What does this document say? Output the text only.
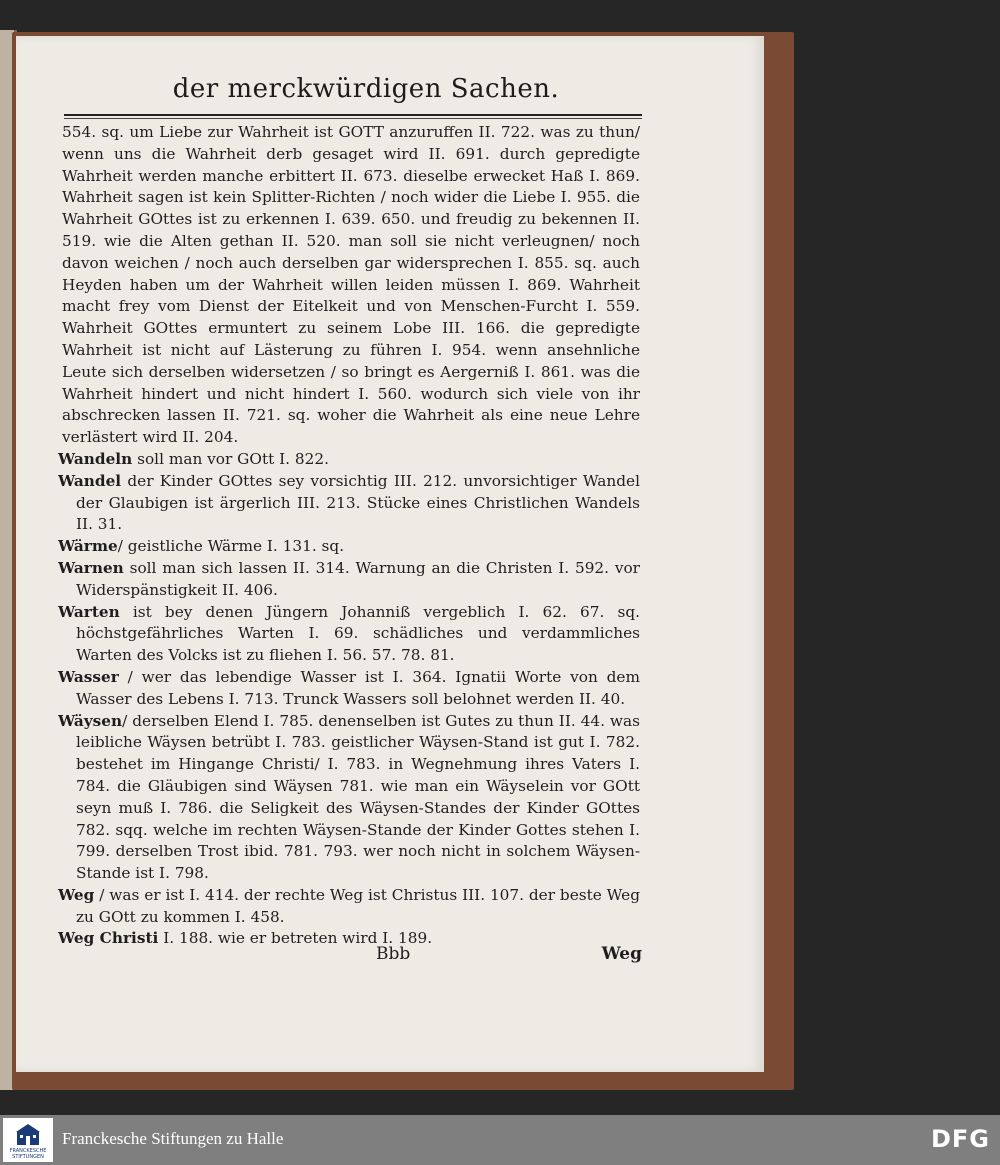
der merckwürdigen Sachen.

554. sq. um Liebe zur Wahrheit ist GOTT anzuruffen II. 722. was zu thun/ wenn uns die Wahrheit derb gesaget wird II. 691. durch gepredigte Wahrheit werden manche erbittert II. 673. dieselbe erwecket Haß I. 869. Wahrheit sagen ist kein Splitter-Richten / noch wider die Liebe I. 955. die Wahrheit GOttes ist zu erkennen I. 639. 650. und freudig zu bekennen II. 519. wie die Alten gethan II. 520. man soll sie nicht verleugnen/ noch davon weichen / noch auch derselben gar widersprechen I. 855. sq. auch Heyden haben um der Wahrheit willen leiden müssen I. 869. Wahrheit macht frey vom Dienst der Eitelkeit und von Menschen-Furcht I. 559. Wahrheit GOttes ermuntert zu seinem Lobe III. 166. die gepredigte Wahrheit ist nicht auf Lästerung zu führen I. 954. wenn ansehnliche Leute sich derselben widersetzen / so bringt es Aergerniß I. 861. was die Wahrheit hindert und nicht hindert I. 560. wodurch sich viele von ihr abschrecken lassen II. 721. sq. woher die Wahrheit als eine neue Lehre verlästert wird II. 204.

Wandeln soll man vor GOtt I. 822.

Wandel der Kinder GOttes sey vorsichtig III. 212. unvorsichtiger Wandel der Glaubigen ist ärgerlich III. 213. Stücke eines Christlichen Wandels II. 31.

Wärme/ geistliche Wärme I. 131. sq.

Warnen soll man sich lassen II. 314. Warnung an die Christen I. 592. vor Widerspänstigkeit II. 406.

Warten ist bey denen Jüngern Johanniß vergeblich I. 62. 67. sq. höchstgefährliches Warten I. 69. schädliches und verdammliches Warten des Volcks ist zu fliehen I. 56. 57. 78. 81.

Wasser / wer das lebendige Wasser ist I. 364. Ignatii Worte von dem Wasser des Lebens I. 713. Trunck Wassers soll belohnet werden II. 40.

Wäysen/ derselben Elend I. 785. denenselben ist Gutes zu thun II. 44. was leibliche Wäysen betrübt I. 783. geistlicher Wäysen-Stand ist gut I. 782. bestehet im Hingange Christi/ I. 783. in Wegnehmung ihres Vaters I. 784. die Gläubigen sind Wäysen 781. wie man ein Wäyselein vor GOtt seyn muß I. 786. die Seligkeit des Wäysen-Standes der Kinder GOttes 782. sqq. welche im rechten Wäysen-Stande der Kinder Gottes stehen I. 799. derselben Trost ibid. 781. 793. wer noch nicht in solchem Wäysen-Stande ist I. 798.

Weg / was er ist I. 414. der rechte Weg ist Christus III. 107. der beste Weg zu GOtt zu kommen I. 458.

Weg Christi I. 188. wie er betreten wird I. 189.

Bbb	Weg
FRANCKESCHE STIFTUNGEN
Franckesche Stiftungen zu Halle	DFG
